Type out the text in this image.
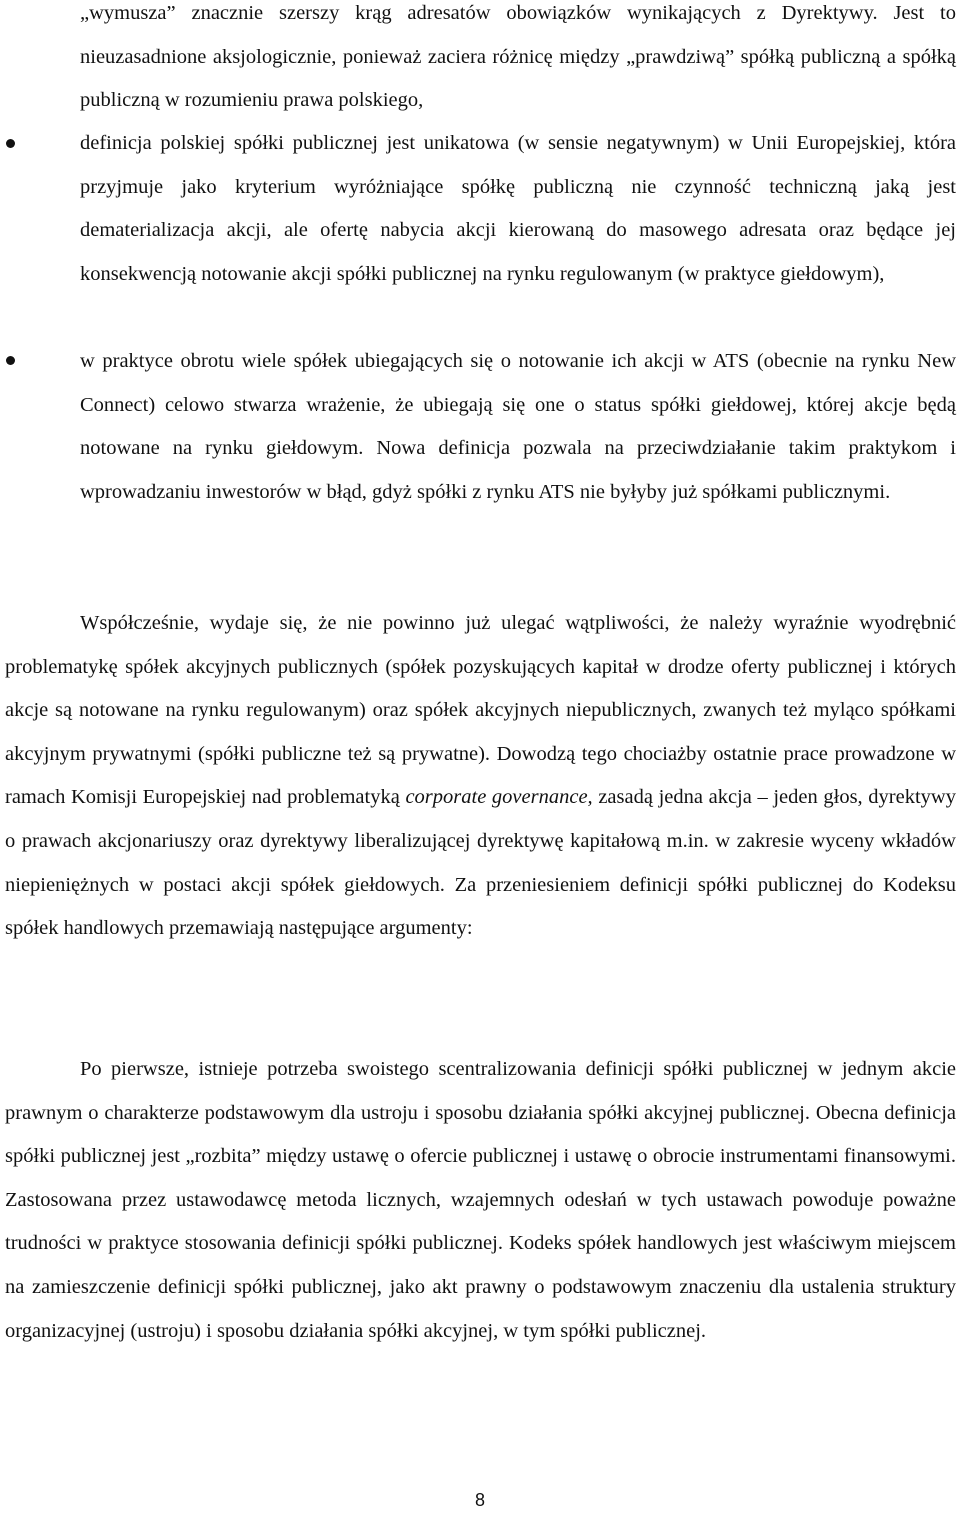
„wymusza” znacznie szerszy krąg adresatów obowiązków wynikających z Dyrektywy. Jest to nieuzasadnione aksjologicznie, ponieważ zaciera różnicę między „prawdziwą” spółką publiczną a spółką publiczną w rozumieniu prawa polskiego,
definicja polskiej spółki publicznej jest unikatowa (w sensie negatywnym) w Unii Europejskiej, która przyjmuje jako kryterium wyróżniające spółkę publiczną nie czynność techniczną jaką jest dematerializacja akcji, ale ofertę nabycia akcji kierowaną do masowego adresata oraz będące jej konsekwencją notowanie akcji spółki publicznej na rynku regulowanym (w praktyce giełdowym),
w praktyce obrotu wiele spółek ubiegających się o notowanie ich akcji w ATS (obecnie na rynku New Connect) celowo stwarza wrażenie, że ubiegają się one o status spółki giełdowej, której akcje będą notowane na rynku giełdowym. Nowa definicja pozwala na przeciwdziałanie takim praktykom i wprowadzaniu inwestorów w błąd, gdyż spółki z rynku ATS nie byłyby już spółkami publicznymi.

Współcześnie, wydaje się, że nie powinno już ulegać wątpliwości, że należy wyraźnie wyodrębnić problematykę spółek akcyjnych publicznych (spółek pozyskujących kapitał w drodze oferty publicznej i których akcje są notowane na rynku regulowanym) oraz spółek akcyjnych niepublicznych, zwanych też myląco spółkami akcyjnym prywatnymi (spółki publiczne też są prywatne). Dowodzą tego chociażby ostatnie prace prowadzone w ramach Komisji Europejskiej nad problematyką corporate governance, zasadą jedna akcja – jeden głos, dyrektywy o prawach akcjonariuszy oraz dyrektywy liberalizującej dyrektywę kapitałową m.in. w zakresie wyceny wkładów niepieniężnych w postaci akcji spółek giełdowych. Za przeniesieniem definicji spółki publicznej do Kodeksu spółek handlowych przemawiają następujące argumenty:

Po pierwsze, istnieje potrzeba swoistego scentralizowania definicji spółki publicznej w jednym akcie prawnym o charakterze podstawowym dla ustroju i sposobu działania spółki akcyjnej publicznej. Obecna definicja spółki publicznej jest „rozbita” między ustawę o ofercie publicznej i ustawę o obrocie instrumentami finansowymi. Zastosowana przez ustawodawcę metoda licznych, wzajemnych odesłań w tych ustawach powoduje poważne trudności w praktyce stosowania definicji spółki publicznej. Kodeks spółek handlowych jest właściwym miejscem na zamieszczenie definicji spółki publicznej, jako akt prawny o podstawowym znaczeniu dla ustalenia struktury organizacyjnej (ustroju) i sposobu działania spółki akcyjnej, w tym spółki publicznej.

8
